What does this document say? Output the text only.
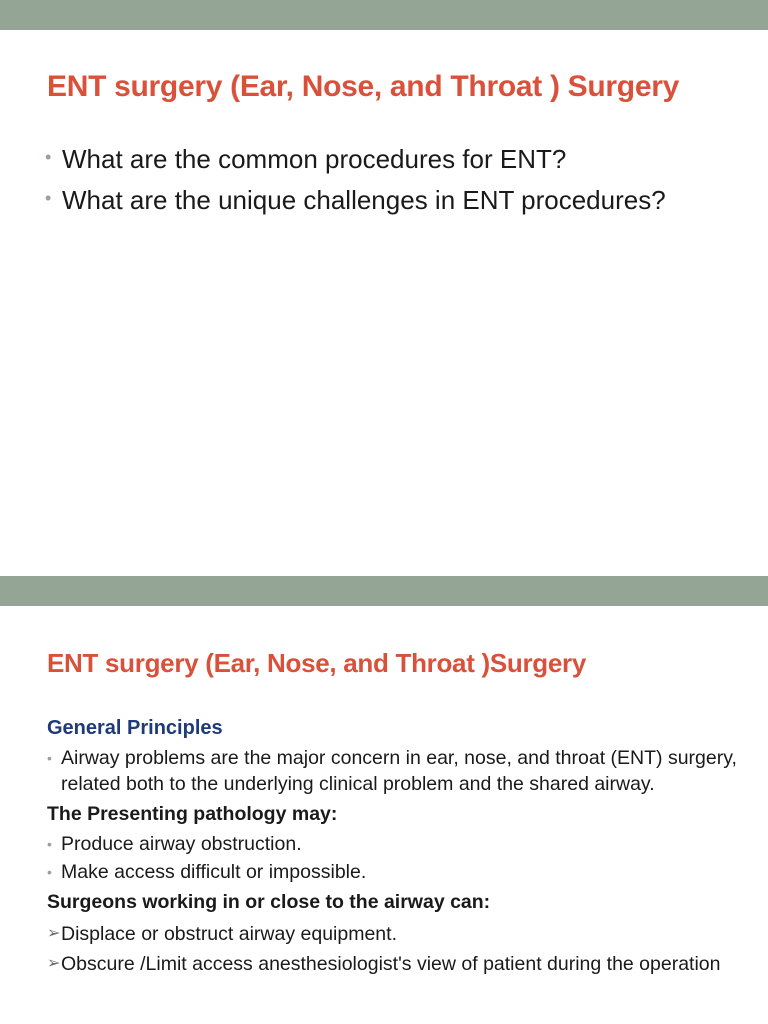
ENT surgery (Ear, Nose, and Throat ) Surgery
• What are the common procedures for ENT?
• What are the unique challenges in ENT procedures?
ENT surgery (Ear, Nose, and Throat )Surgery
General Principles
• Airway problems are the major concern in ear, nose, and throat (ENT) surgery, related both to the underlying clinical problem and the shared airway.
The Presenting pathology may:
• Produce airway obstruction.
• Make access difficult or impossible.
Surgeons working in or close to the airway can:
➢ Displace or obstruct airway equipment.
➢ Obscure /Limit access anesthesiologist's view of patient during the operation
